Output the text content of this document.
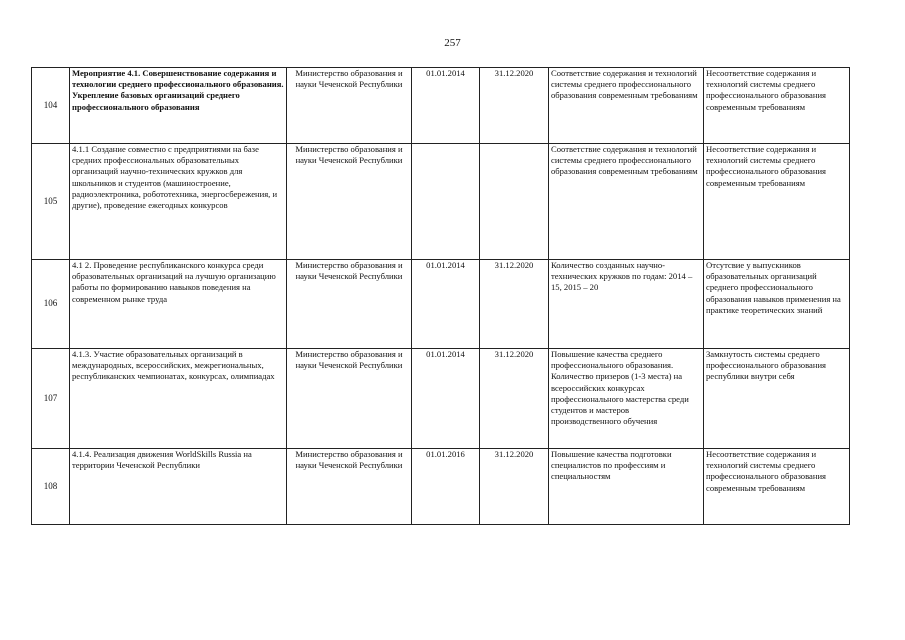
257
104	Мероприятие 4.1. Совершенствование содержания и технологии среднего профессионального образования. Укрепление базовых организаций среднего профессионального образования	Министерство образования и науки Чеченской Республики	01.01.2014	31.12.2020	Соответствие содержания и технологий системы среднего профессионального образования современным требованиям	Несоответствие содержания и технологий системы среднего профессионального образования современным требованиям
105	4.1.1 Создание совместно с предприятиями на базе средних профессиональных образовательных организаций научно-технических кружков для школьников и студентов (машиностроение, радиоэлектроника, робототехника, энергосбережения, и другие), проведение ежегодных конкурсов	Министерство образования и науки Чеченской Республики			Соответствие содержания и технологий системы среднего профессионального образования современным требованиям	Несоответствие содержания и технологий системы среднего профессионального образования современным требованиям
106	4.1 2. Проведение республиканского конкурса среди образовательных организаций на лучшую организацию работы по формированию навыков поведения на современном рынке труда	Министерство образования и науки Чеченской Республики	01.01.2014	31.12.2020	Количество созданных научно-технических кружков по годам: 2014 – 15, 2015 – 20	Отсутсвие у выпускников образовательных организаций среднего профессионального образования навыков применения на практике теоретических знаний
107	4.1.3. Участие образовательных организаций в международных, всероссийских, межрегиональных, республиканских чемпионатах, конкурсах, олимпиадах	Министерство образования и науки Чеченской Республики	01.01.2014	31.12.2020	Повышение качества среднего профессионального образования. Количество призеров (1-3 места) на всероссийских конкурсах профессионального мастерства среди студентов и мастеров производственного обучения	Замкнутость системы среднего профессионального образования республики внутри себя
108	4.1.4. Реализация движения WorldSkills Russia на территории Чеченской Республики	Министерство образования и науки Чеченской Республики	01.01.2016	31.12.2020	Повышение качества подготовки специалистов по профессиям и специальностям	Несоответствие содержания и технологий системы среднего профессионального образования современным требованиям
